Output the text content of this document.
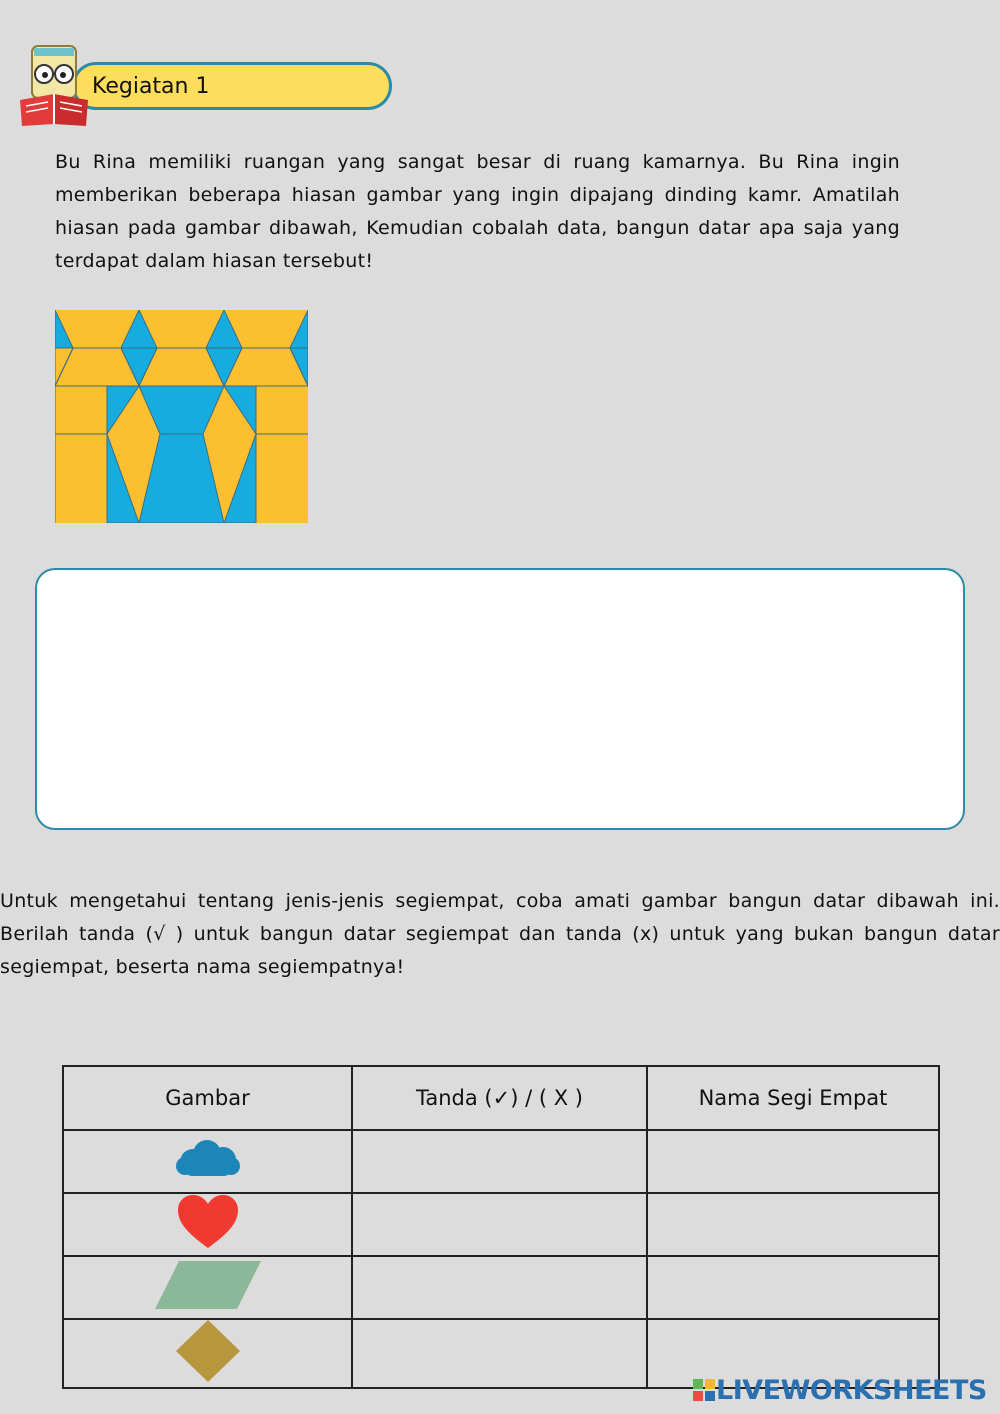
Kegiatan 1

Bu Rina memiliki ruangan yang sangat besar di ruang kamarnya. Bu Rina ingin memberikan beberapa hiasan gambar yang ingin dipajang dinding kamr. Amatilah hiasan pada gambar dibawah, Kemudian cobalah data, bangun datar apa saja yang terdapat dalam hiasan tersebut!

Untuk mengetahui tentang jenis-jenis segiempat, coba amati gambar bangun datar dibawah ini. Berilah tanda (√ ) untuk bangun datar segiempat dan tanda (x) untuk yang bukan bangun datar segiempat, beserta nama segiempatnya!

Gambar	Tanda (✓) / ( X )	Nama Segi Empat

LIVEWORKSHEETS
